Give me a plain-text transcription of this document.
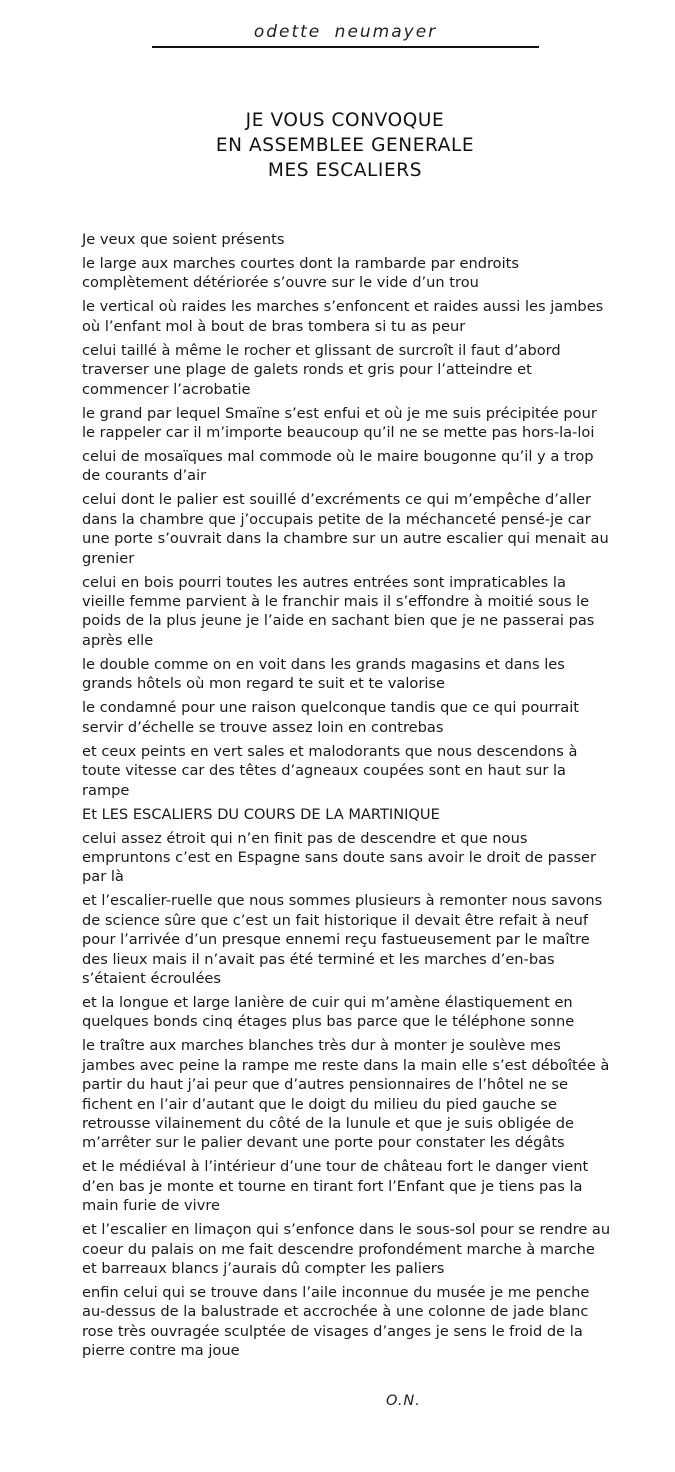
odette neumayer
JE VOUS CONVOQUE
EN ASSEMBLEE GENERALE
MES ESCALIERS

Je veux que soient présents

le large aux marches courtes dont la rambarde par endroits complètement détériorée s’ouvre sur le vide d’un trou

le vertical où raides les marches s’enfoncent et raides aussi les jambes où l’enfant mol à bout de bras tombera si tu as peur

celui taillé à même le rocher et glissant de surcroît il faut d’abord traverser une plage de galets ronds et gris pour l’atteindre et commencer l’acrobatie

le grand par lequel Smaïne s’est enfui et où je me suis précipitée pour le rappeler car il m’importe beaucoup qu’il ne se mette pas hors-la-loi

celui de mosaïques mal commode où le maire bougonne qu’il y a trop de courants d’air

celui dont le palier est souillé d’excréments ce qui m’empêche d’aller dans la chambre que j’occupais petite de la méchanceté pensé-je car une porte s’ouvrait dans la chambre sur un autre escalier qui menait au grenier

celui en bois pourri toutes les autres entrées sont impraticables la vieille femme parvient à le franchir mais il s’effondre à moitié sous le poids de la plus jeune je l’aide en sachant bien que je ne passerai pas après elle

le double comme on en voit dans les grands magasins et dans les grands hôtels où mon regard te suit et te valorise

le condamné pour une raison quelconque tandis que ce qui pourrait servir d’échelle se trouve assez loin en contrebas

et ceux peints en vert sales et malodorants que nous descendons à toute vitesse car des têtes d’agneaux coupées sont en haut sur la rampe

Et LES ESCALIERS DU COURS DE LA MARTINIQUE

celui assez étroit qui n’en finit pas de descendre et que nous empruntons c’est en Espagne sans doute sans avoir le droit de passer par là

et l’escalier-ruelle que nous sommes plusieurs à remonter nous savons de science sûre que c’est un fait historique il devait être refait à neuf pour l’arrivée d’un presque ennemi reçu fastueusement par le maître des lieux mais il n’avait pas été terminé et les marches d’en-bas s’étaient écroulées

et la longue et large lanière de cuir qui m’amène élastiquement en quelques bonds cinq étages plus bas parce que le téléphone sonne

le traître aux marches blanches très dur à monter je soulève mes jambes avec peine la rampe me reste dans la main elle s’est déboîtée à partir du haut j’ai peur que d’autres pensionnaires de l’hôtel ne se fichent en l’air d’autant que le doigt du milieu du pied gauche se retrousse vilainement du côté de la lunule et que je suis obligée de m’arrêter sur le palier devant une porte pour constater les dégâts

et le médiéval à l’intérieur d’une tour de château fort le danger vient d’en bas je monte et tourne en tirant fort l’Enfant que je tiens pas la main furie de vivre

et l’escalier en limaçon qui s’enfonce dans le sous-sol pour se rendre au coeur du palais on me fait descendre profondément marche à marche et barreaux blancs j’aurais dû compter les paliers

enfin celui qui se trouve dans l’aile inconnue du musée je me penche au-dessus de la balustrade et accrochée à une colonne de jade blanc rose très ouvragée sculptée de visages d’anges je sens le froid de la pierre contre ma joue

O.N.
